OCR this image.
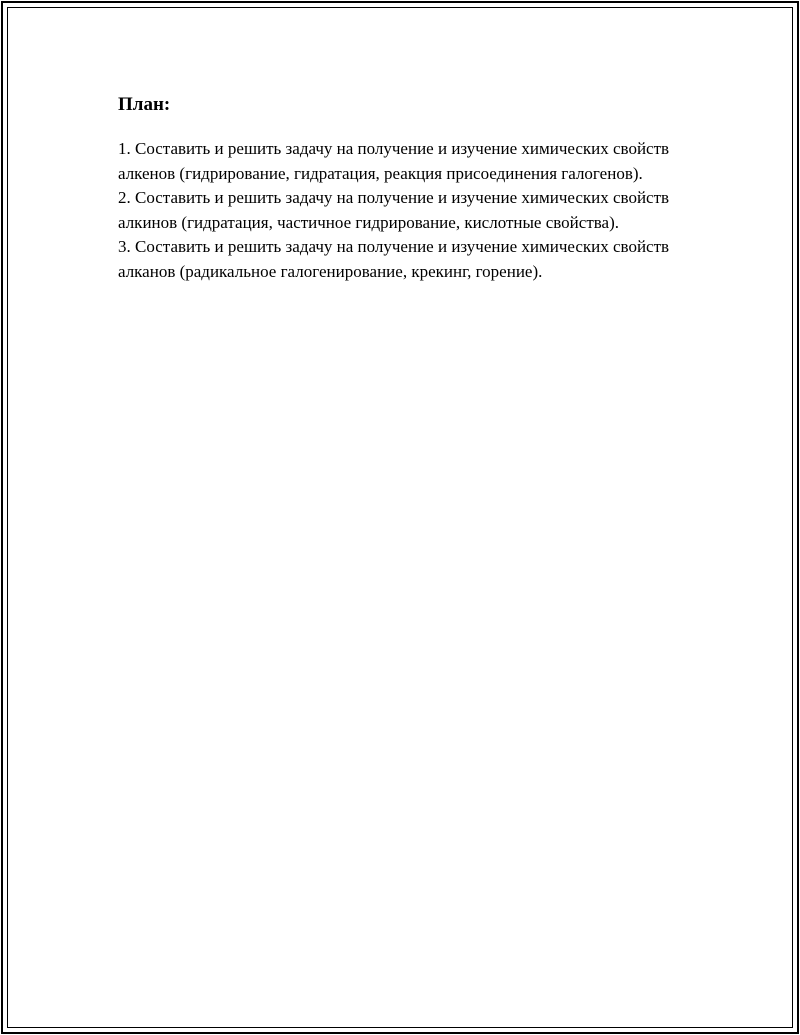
План:

1. Составить и решить задачу на получение и изучение химических свойств алкенов (гидрирование, гидратация, реакция присоединения галогенов).

2. Составить и решить задачу на получение и изучение химических свойств алкинов (гидратация, частичное гидрирование, кислотные свойства).

3. Составить и решить задачу на получение и изучение химических свойств алканов (радикальное галогенирование, крекинг, горение).
